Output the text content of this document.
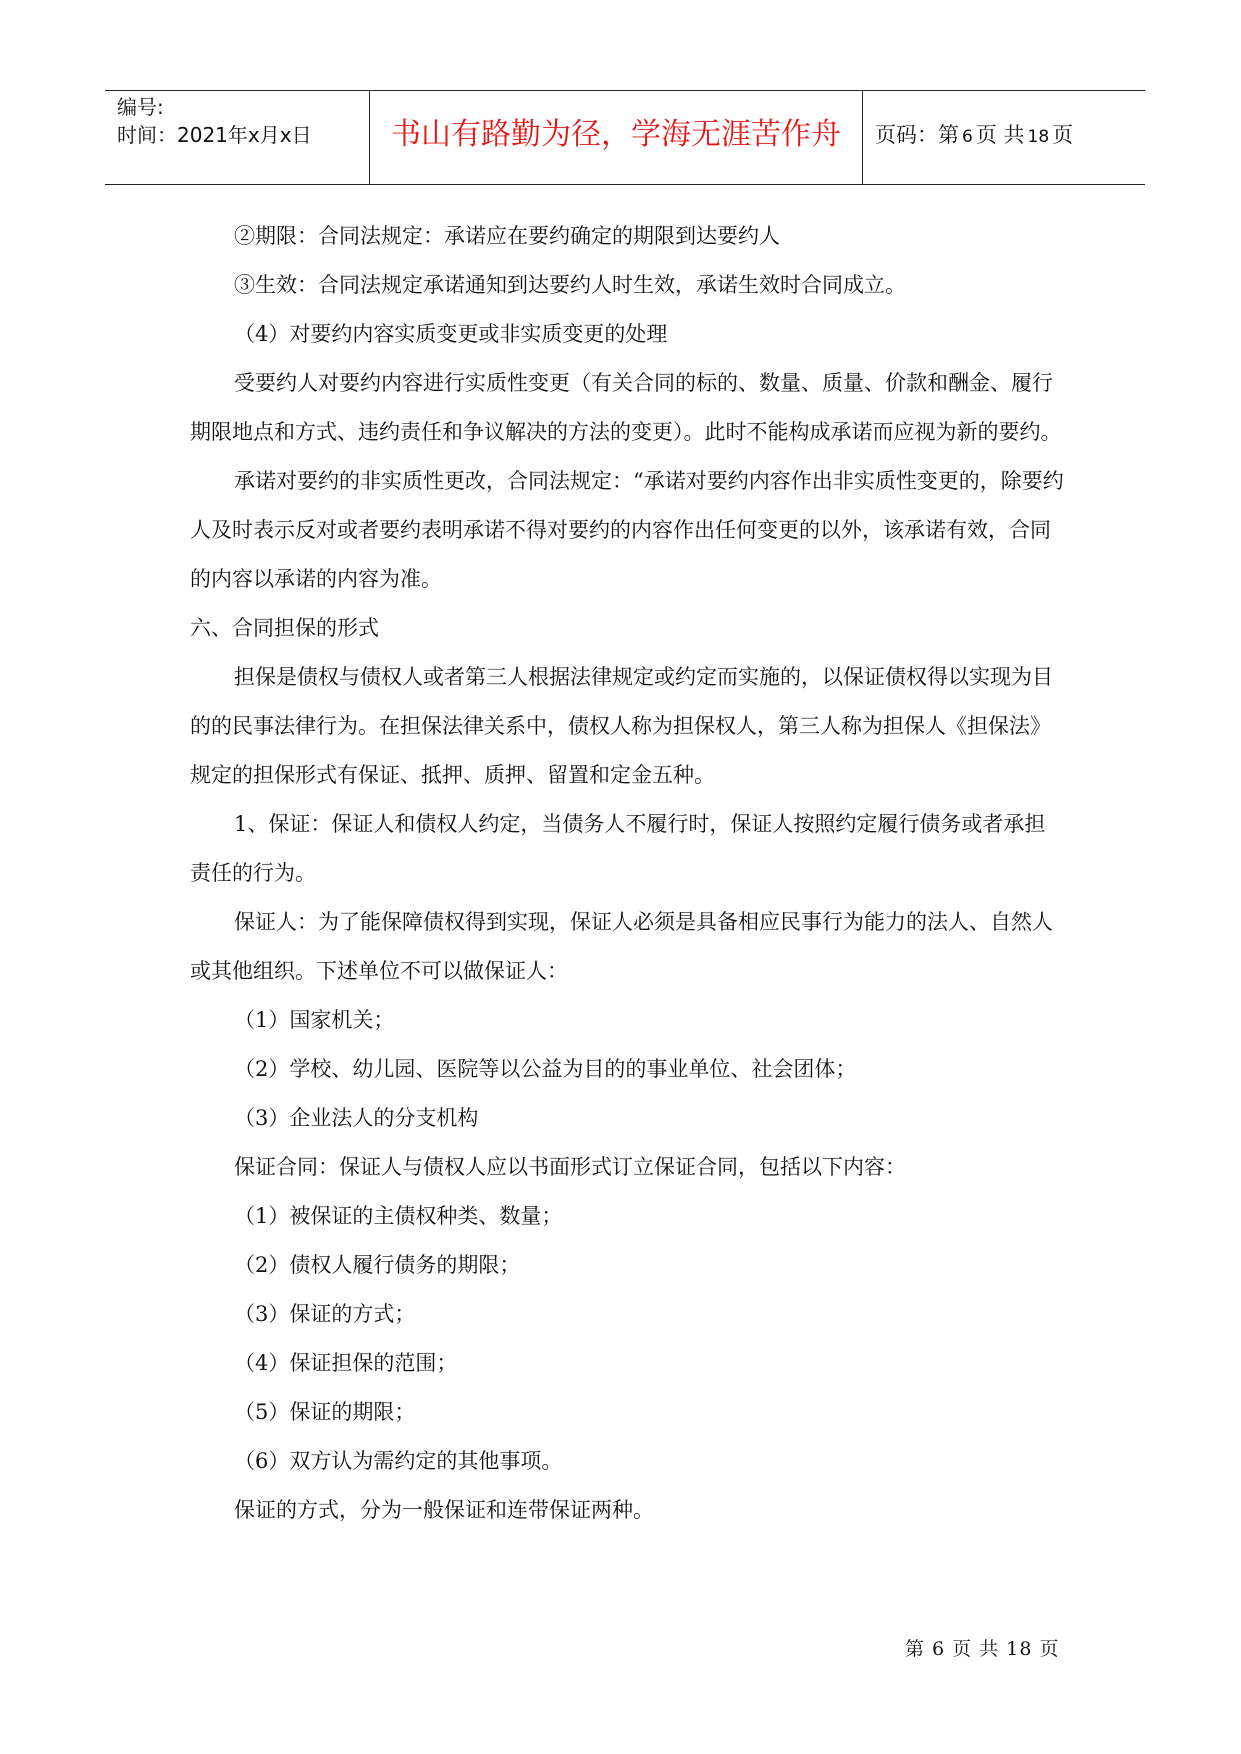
编号:
时间：2021年x月x日	书山有路勤为径，学海无涯苦作舟	页码：第 6 页 共 18 页

②期限：合同法规定：承诺应在要约确定的期限到达要约人

③生效：合同法规定承诺通知到达要约人时生效，承诺生效时合同成立。

（4）对要约内容实质变更或非实质变更的处理

受要约人对要约内容进行实质性变更（有关合同的标的、数量、质量、价款和酬金、履行期限地点和方式、违约责任和争议解决的方法的变更）。此时不能构成承诺而应视为新的要约。

承诺对要约的非实质性更改，合同法规定：“承诺对要约内容作出非实质性变更的，除要约人及时表示反对或者要约表明承诺不得对要约的内容作出任何变更的以外，该承诺有效，合同的内容以承诺的内容为准。

六、合同担保的形式

担保是债权与债权人或者第三人根据法律规定或约定而实施的，以保证债权得以实现为目的的民事法律行为。在担保法律关系中，债权人称为担保权人，第三人称为担保人《担保法》规定的担保形式有保证、抵押、质押、留置和定金五种。

1、保证：保证人和债权人约定，当债务人不履行时，保证人按照约定履行债务或者承担责任的行为。

保证人：为了能保障债权得到实现，保证人必须是具备相应民事行为能力的法人、自然人或其他组织。下述单位不可以做保证人：

（1）国家机关；

（2）学校、幼儿园、医院等以公益为目的的事业单位、社会团体；

（3）企业法人的分支机构

保证合同：保证人与债权人应以书面形式订立保证合同，包括以下内容：

（1）被保证的主债权种类、数量；

（2）债权人履行债务的期限；

（3）保证的方式；

（4）保证担保的范围；

（5）保证的期限；

（6）双方认为需约定的其他事项。

保证的方式，分为一般保证和连带保证两种。

第 6 页 共 18 页
